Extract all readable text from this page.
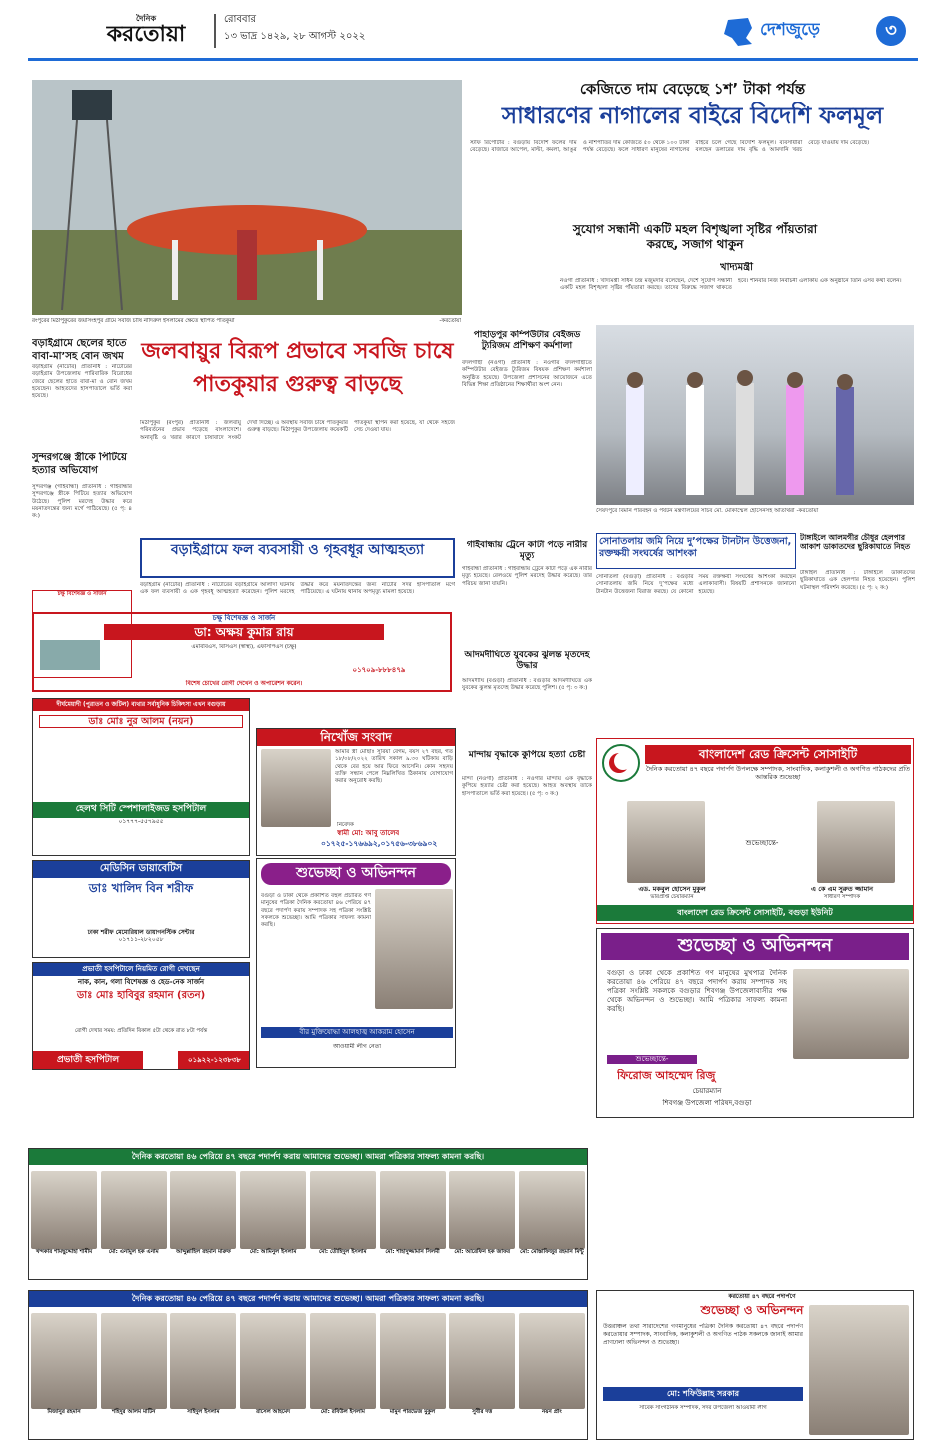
দৈনিক
করতোয়া
রোববার
১৩ ভাদ্র ১৪২৯, ২৮ আগস্ট ২০২২	দেশজুড়ে	৩
রংপুরের মিঠাপুকুরের জয়সিংহপুর গ্রামে সবজি চাষি নাদিরুল ইসলামের ক্ষেতে স্থাপিত পাতকুয়া	-করতোয়া
কেজিতে দাম বেড়েছে ১শ’ টাকা পর্যন্ত
সাধারণের নাগালের বাইরে বিদেশি ফলমূল
স্টাফ রিপোর্টার : বগুড়ায় বিদেশি ফলের দাম বেড়েছে। বাজারে আপেল, মাল্টা, কমলা, আঙুর ও নাশপাতির দাম কেজিতে ৫০ থেকে ১০০ টাকা পর্যন্ত বেড়েছে। ফলে সাধারণ মানুষের নাগালের বাইরে চলে গেছে বিদেশি ফলমূল। ব্যবসায়ীরা বলছেন ডলারের দাম বৃদ্ধি ও আমদানি খরচ বেড়ে যাওয়ায় দাম বেড়েছে।
সুযোগ সন্ধানী একটি মহল বিশৃঙ্খলা সৃষ্টির পাঁয়তারা করছে, সজাগ থাকুন
খাদ্যমন্ত্রী
নওগাঁ প্রতিনিধি : খাদ্যমন্ত্রী সাধন চন্দ্র মজুমদার বলেছেন, দেশে সুযোগ সন্ধানী একটি মহল বিশৃঙ্খলা সৃষ্টির পাঁয়তারা করছে। তাদের বিরুদ্ধে সজাগ থাকতে হবে। শনিবার নিজ নির্বাচনী এলাকায় এক অনুষ্ঠানে তিনি এসব কথা বলেন।
বড়াইগ্রামে ছেলের হাতে বাবা-মা’সহ বোন জখম
বড়াইগ্রাম (নাটোর) প্রতিনিধি : নাটোরের বড়াইগ্রাম উপজেলায় পারিবারিক বিরোধের জেরে ছেলের হাতে বাবা-মা ও বোন জখম হয়েছেন। আহতদের হাসপাতালে ভর্তি করা হয়েছে।
সুন্দরগঞ্জে স্ত্রীকে পিটিয়ে হত্যার অভিযোগ
সুন্দরগঞ্জ (গাইবান্ধা) প্রতিনিধি : গাইবান্ধার সুন্দরগঞ্জে স্ত্রীকে পিটিয়ে হত্যার অভিযোগ উঠেছে। পুলিশ মরদেহ উদ্ধার করে ময়নাতদন্তের জন্য মর্গে পাঠিয়েছে। (৫ পৃ: ৪ ক:)
জলবায়ুর বিরূপ প্রভাবে সবজি চাষে পাতকুয়ার গুরুত্ব বাড়ছে
মিঠাপুকুর (রংপুর) প্রতিনিধি : জলবায়ু পরিবর্তনের প্রভাব পড়েছে বাংলাদেশে। অনাবৃষ্টি ও খরার কারণে চাষাবাদে সংকট দেখা দিচ্ছে। এ অবস্থায় সবজি চাষে পাতকুয়ার গুরুত্ব বাড়ছে। মিঠাপুকুর উপজেলায় কয়েকটি পাতকুয়া স্থাপন করা হয়েছে, যা থেকে সহজে সেচ দেওয়া যায়।
বড়াইগ্রামে ফল ব্যবসায়ী ও গৃহবধূর আত্মহত্যা
বড়াইগ্রাম (নাটোর) প্রতিনিধি : নাটোরের বড়াইগ্রামে আলাদা ঘটনায় এক ফল ব্যবসায়ী ও এক গৃহবধূ আত্মহত্যা করেছেন। পুলিশ মরদেহ উদ্ধার করে ময়নাতদন্তের জন্য নাটোর সদর হাসপাতাল মর্গে পাঠিয়েছে। এ ঘটনায় থানায় অপমৃত্যু মামলা হয়েছে।
পাহাড়পুর কম্পিউটার বেইজড ট্যুরিজম প্রশিক্ষণ কর্মশালা
বদলগাছী (নওগাঁ) প্রতিনিধি : নওগাঁর বদলগাছীতে কম্পিউটার বেইজড ট্যুরিজম বিষয়ক প্রশিক্ষণ কর্মশালা অনুষ্ঠিত হয়েছে। উপজেলা প্রশাসনের আয়োজনে এতে বিভিন্ন শিক্ষা প্রতিষ্ঠানের শিক্ষার্থীরা অংশ নেন।
গাইবান্ধায় ট্রেনে কাটা পড়ে নারীর মৃত্যু
গাইবান্ধা প্রতিনিধি : গাইবান্ধায় ট্রেনে কাটা পড়ে এক নারীর মৃত্যু হয়েছে। রেলওয়ে পুলিশ মরদেহ উদ্ধার করেছে। তার পরিচয় জানা যায়নি।
আদমদীঘিতে যুবকের ঝুলন্ত মৃতদেহ উদ্ধার
আদমদীঘি (বগুড়া) প্রতিনিধি : বগুড়ার আদমদীঘিতে এক যুবকের ঝুলন্ত মৃতদেহ উদ্ধার করেছে পুলিশ। (৫ পৃ: ৩ ক:)
মান্দায় বৃদ্ধাকে কুপিয়ে হত্যা চেষ্টা
মান্দা (নওগাঁ) প্রতিনিধি : নওগাঁর মান্দায় এক বৃদ্ধাকে কুপিয়ে হত্যার চেষ্টা করা হয়েছে। আহত অবস্থায় তাকে হাসপাতালে ভর্তি করা হয়েছে। (৫ পৃ: ৩ ক:)
সৈয়দপুরে বিমান পরিবহন ও পর্যটন মন্ত্রণালয়ের সচিব মো. মোকাম্মেল হোসেনসহ অতিথিরা -করতোয়া
সোনাতলায় জমি নিয়ে দু’পক্ষের টানটান উত্তেজনা, রক্তক্ষয়ী সংঘর্ষের আশংকা
সোনাতলা (বগুড়া) প্রতিনিধি : বগুড়ার সোনাতলায় জমি নিয়ে দু’পক্ষের মধ্যে টানটান উত্তেজনা বিরাজ করছে। যে কোনো সময় রক্তক্ষয়ী সংঘর্ষের আশংকা করছেন এলাকাবাসী। বিষয়টি প্রশাসনকে জানানো হয়েছে।
টাঙ্গাইলে আলমগীর চৌধুর হেলপার আকাশ ডাকাতদের ছুরিকাঘাতে নিহত
টাঙ্গাইল প্রতিনিধি : টাঙ্গাইলে ডাকাতদের ছুরিকাঘাতে এক হেলপার নিহত হয়েছেন। পুলিশ ঘটনাস্থল পরিদর্শন করেছে। (৫ পৃ: ২ ক:)
চক্ষু বিশেষজ্ঞ ও সার্জন
চক্ষু বিশেষজ্ঞ ও সার্জন
ডা: অক্ষয় কুমার রায়
এমবিবিএস, বিসিএস (স্বাস্থ্য), এফসিপিএস (চক্ষু)
বিশেষ চোখের রোগী দেখেন ও অপারেশন করেন।
০১৭০৯-৮৮৮৪৭৯
দীর্ঘমেয়াদী (পুরাতন ও জটিল) ব্যথার সর্বাধুনিক চিকিৎসা এখন বগুড়ায়
ডাঃ মোঃ নুর আলম (নয়ন)
হেলথ সিটি স্পেশালাইজড হসপিটাল
০১৭৭৭-৫৫৭৯৫৫
মেডিসিন ডায়াবেটিস
ডাঃ খালিদ বিন শরীফ
ঢাকা শরীফ মেমোরিয়াল ডায়াগনস্টিক সেন্টার
০১৭১১-২৮২০৫৮
প্রভাতী হসপিটালে নিয়মিত রোগী দেখছেন
নাক, কান, গলা বিশেষজ্ঞ ও হেড-নেক সার্জন
ডাঃ মোঃ হাবিবুর রহমান (রতন)
রোগী দেখার সময়: প্রতিদিন বিকাল ৫টা থেকে রাত ৮টা পর্যন্ত
প্রভাতী হসপিটাল	০১৯২২-১২৩৮৩৮
নিখোঁজ সংবাদ
আমার স্ত্রী মোছাঃ সুরিয়া বেগম, বয়স ২৭ বছর, গত ১৮/০৮/২০২২ তারিখ সকাল ৯.৩০ ঘটিকায় বাড়ি থেকে বের হয়ে আর ফিরে আসেনি। কোন সহৃদয় ব্যক্তি সন্ধান পেলে নিম্নলিখিত ঠিকানায় যোগাযোগ করার অনুরোধ করছি।
নিবেদক
স্বামী মো: আবু তালেব
০১৭২৫-১৭৬৬৯২,০১৭৫৬-৩৮৬৯০২
শুভেচ্ছা ও অভিনন্দন
বগুড়া ও ঢাকা থেকে প্রকাশিত বহুল প্রচারিত গণ মানুষের পত্রিকা দৈনিক করতোয়া ৪৬ পেরিয়ে ৪৭ বছরে পদার্পণ করায় সম্পাদক সহ পত্রিকা সংশ্লিষ্ট সকলকে শুভেচ্ছা। আমি পত্রিকার সাফল্য কামনা করছি।
বীর মুক্তিযোদ্ধা আলহাজ্ব আকরাম হোসেন
আওয়ামী লীগ নেতা
বাংলাদেশ রেড ক্রিসেন্ট সোসাইটি
দৈনিক করতোয়া ৪৭ বছরে পদার্পণ উপলক্ষে সম্পাদক, সাংবাদিক, কলাকুশলী ও অগণিত পাঠকদের প্রতি আন্তরিক শুভেচ্ছা
শুভেচ্ছান্তে-
এড. মকবুল হোসেন মুকুল
ভারপ্রাপ্ত চেয়ারম্যান
এ কে এম সুরুত জ্জামান
সাধারণ সম্পাদক
বাংলাদেশ রেড ক্রিসেন্ট সোসাইটি, বগুড়া ইউনিট
শুভেচ্ছা ও অভিনন্দন
বগুড়া ও ঢাকা থেকে প্রকাশিত গণ মানুষের মুখপাত্র দৈনিক করতোয়া ৪৬ পেরিয়ে ৪৭ বছরে পদার্পণ করায় সম্পাদক সহ পত্রিকা সংশ্লিষ্ট সকলকে বগুড়ার শিবগঞ্জ উপজেলাবাসীর পক্ষ থেকে অভিনন্দন ও শুভেচ্ছা। আমি পত্রিকার সাফল্য কামনা করছি।
শুভেচ্ছান্তে-
ফিরোজ আহম্মেদ রিজু
চেয়ারম্যান
শিবগঞ্জ উপজেলা পরিষদ,বগুড়া
দৈনিক করতোয়া ৪৬ পেরিয়ে ৪৭ বছরে পদার্পণ করায় আমাদের শুভেচ্ছা। আমরা পত্রিকার সাফল্য কামনা করছি।
খন্দকার শামছুদ্দোহা শামীম	মো: এনামুল হক এনাম	আব্দুল্লাহিল রহমান মারুফ	মো: আমিনুল ইসলাম	মো: তৌহিদুল ইসলাম	মো: শাহাদুজ্জামান সিলমী	মো: আরেফিন হক জাফর	মো: মোস্তাফিজুর রহমান মিন্টু
দৈনিক করতোয়া ৪৬ পেরিয়ে ৪৭ বছরে পদার্পণ করায় আমাদের শুভেচ্ছা। আমরা পত্রিকার সাফল্য কামনা করছি।
মিজানুর রহমান	শহিদুর আলম মাটিন	সাইদুল ইসলাম	রাসেল আহমেদ	মো: রবিউল ইসলাম	মামুন পারভেজ মুকুল	সুবীর দত্ত	নয়ন প্রাং
করতোয়া ৪৭ বছরে পদার্পণে
শুভেচ্ছা ও অভিনন্দন
উত্তরাঞ্চল তথা সারাদেশের গণমানুষের পত্রিকা দৈনিক করতোয়া ৪৭ বছরে পদার্পণ করতোয়ার সম্পাদক, সাংবাদিক, কলাকুশলী ও অগণিত পাঠক সকলকে জানাই আমার প্রাণঢালা অভিনন্দন ও শুভেচ্ছা।
মো: শফিউল্লাহ সরকার
সাবেক সাংগঠনিক সম্পাদক, সদর উপজেলা আওয়ামী লীগ
